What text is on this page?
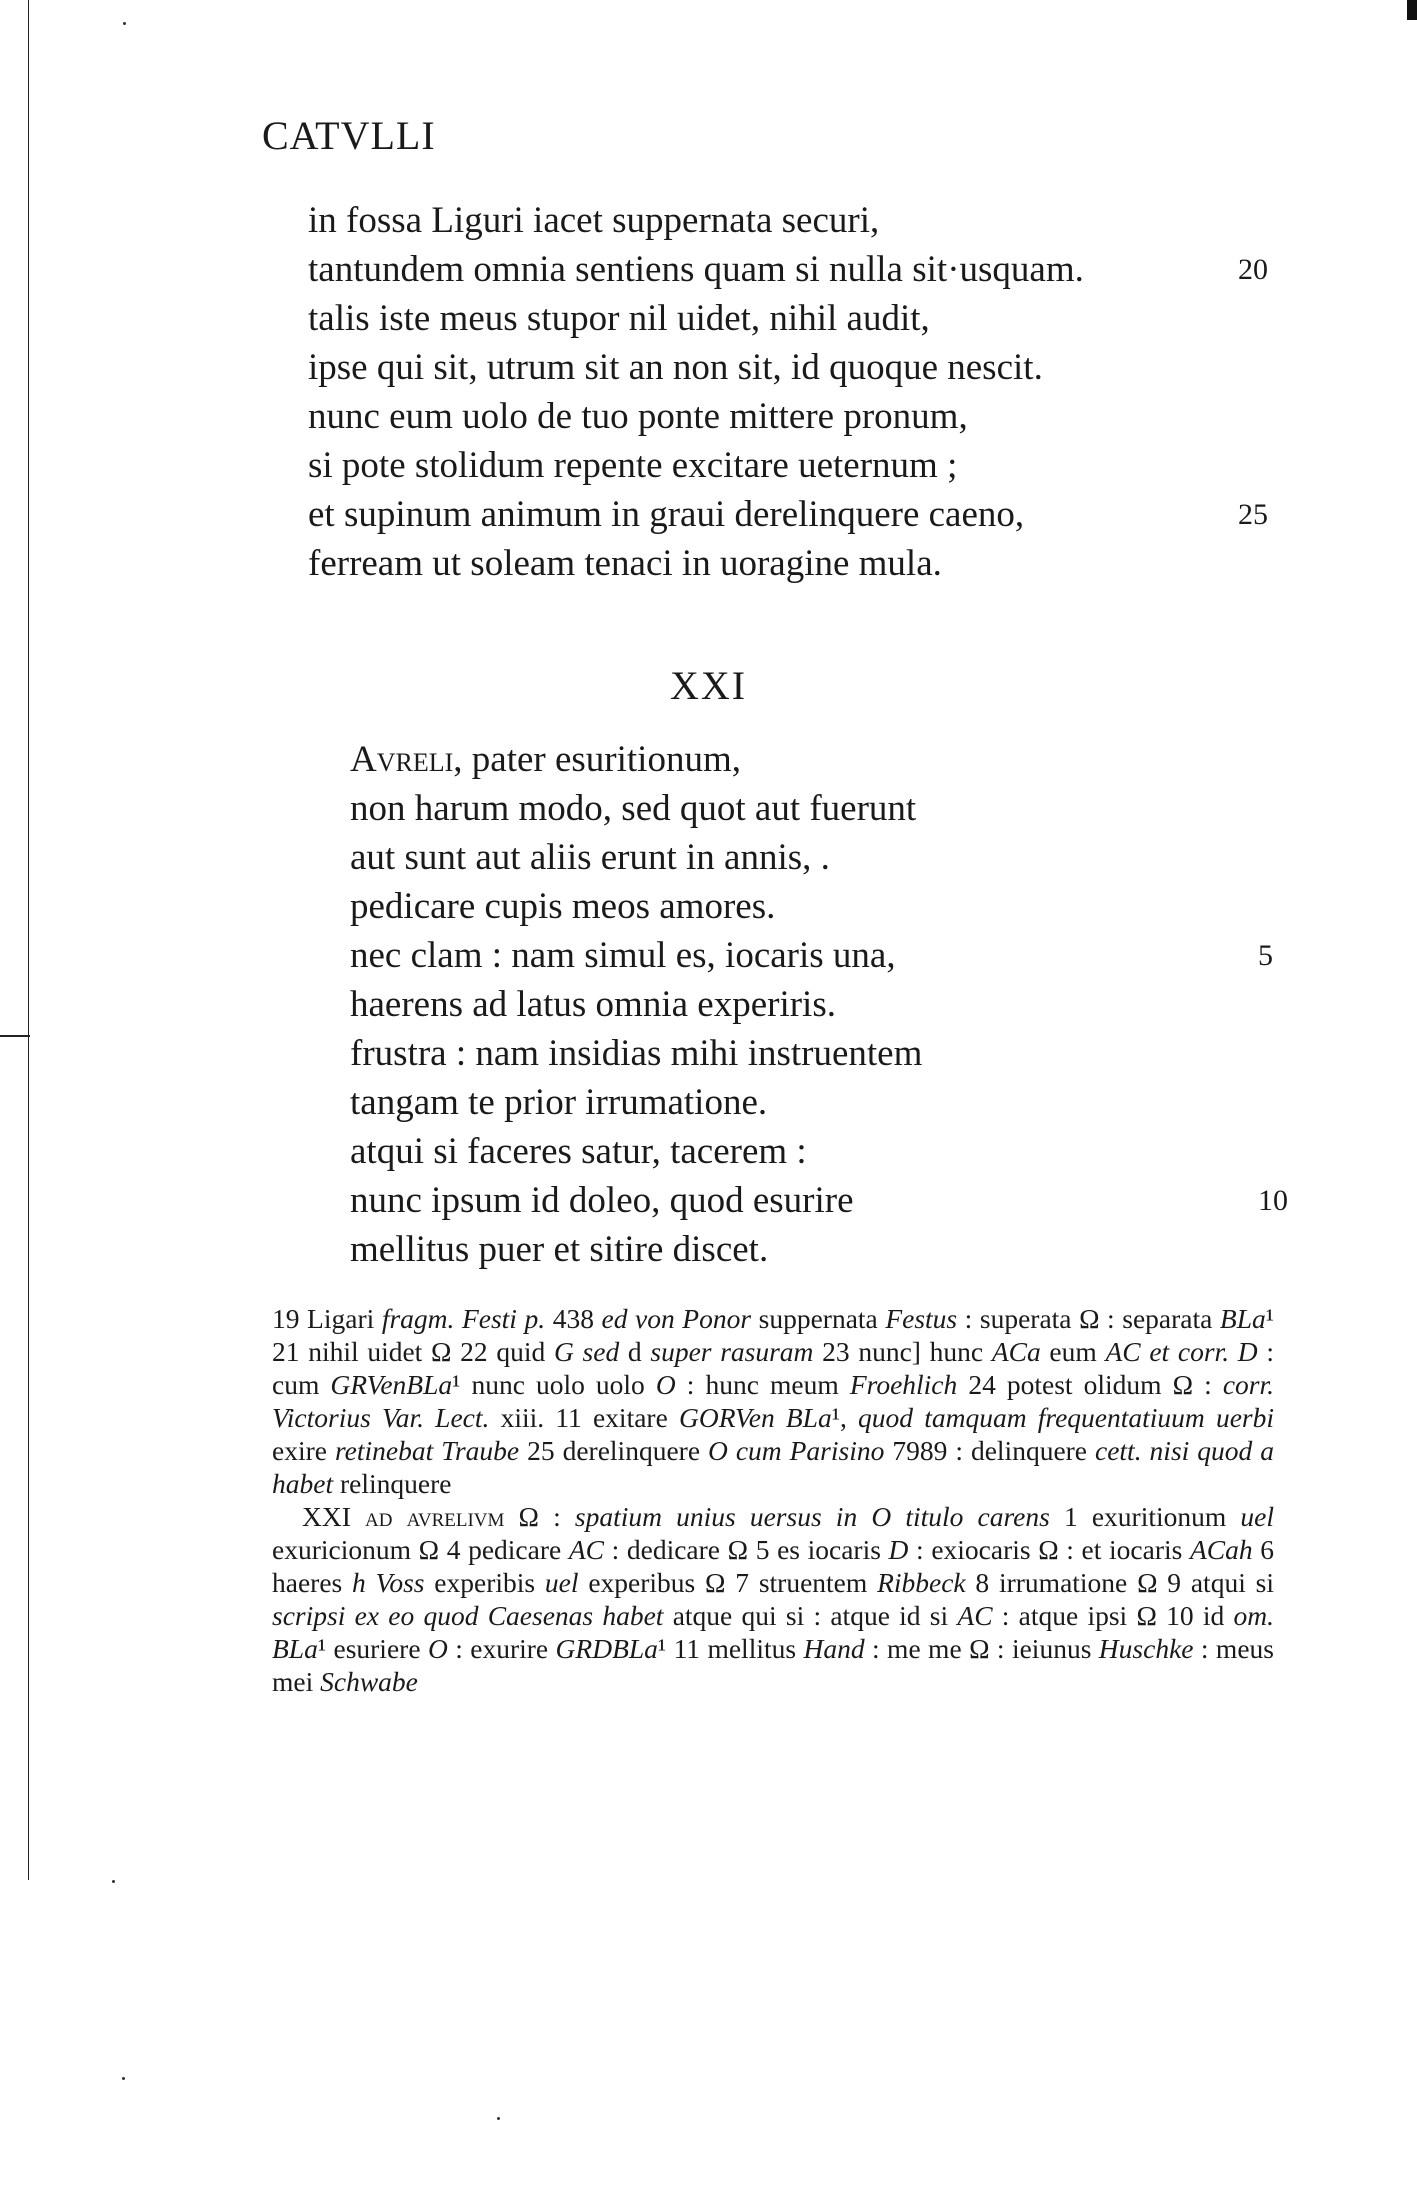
CATVLLI
in fossa Liguri iacet suppernata securi,
tantundem omnia sentiens quam si nulla sit·usquam.	20
talis iste meus stupor nil uidet, nihil audit,
ipse qui sit, utrum sit an non sit, id quoque nescit.
nunc eum uolo de tuo ponte mittere pronum,
si pote stolidum repente excitare ueternum ;
et supinum animum in graui derelinquere caeno,	25
ferream ut soleam tenaci in uoragine mula.
XXI
Avreli, pater esuritionum,
non harum modo, sed quot aut fuerunt
aut sunt aut aliis erunt in annis, .
pedicare cupis meos amores.
nec clam : nam simul es, iocaris una,	5
haerens ad latus omnia experiris.
frustra : nam insidias mihi instruentem
tangam te prior irrumatione.
atqui si faceres satur, tacerem :
nunc ipsum id doleo, quod esurire	10
mellitus puer et sitire discet.

19 Ligari fragm. Festi p. 438 ed von Ponor suppernata Festus : superata Ω : separata BLa¹ 21 nihil uidet Ω 22 quid G sed d super rasuram 23 nunc] hunc ACa eum AC et corr. D : cum GRVenBLa¹ nunc uolo uolo O : hunc meum Froehlich 24 potest olidum Ω : corr. Victorius Var. Lect. xiii. 11 exitare GORVen BLa¹, quod tamquam frequentatiuum uerbi exire retinebat Traube 25 derelinquere O cum Parisino 7989 : delinquere cett. nisi quod a habet relinquere

XXI ad avrelivm Ω : spatium unius uersus in O titulo carens 1 exuritionum uel exuricionum Ω 4 pedicare AC : dedicare Ω 5 es iocaris D : exiocaris Ω : et iocaris ACah 6 haeres h Voss experibis uel experibus Ω 7 struentem Ribbeck 8 irrumatione Ω 9 atqui si scripsi ex eo quod Caesenas habet atque qui si : atque id si AC : atque ipsi Ω 10 id om. BLa¹ esuriere O : exurire GRDBLa¹ 11 mellitus Hand : me me Ω : ieiunus Huschke : meus mei Schwabe
